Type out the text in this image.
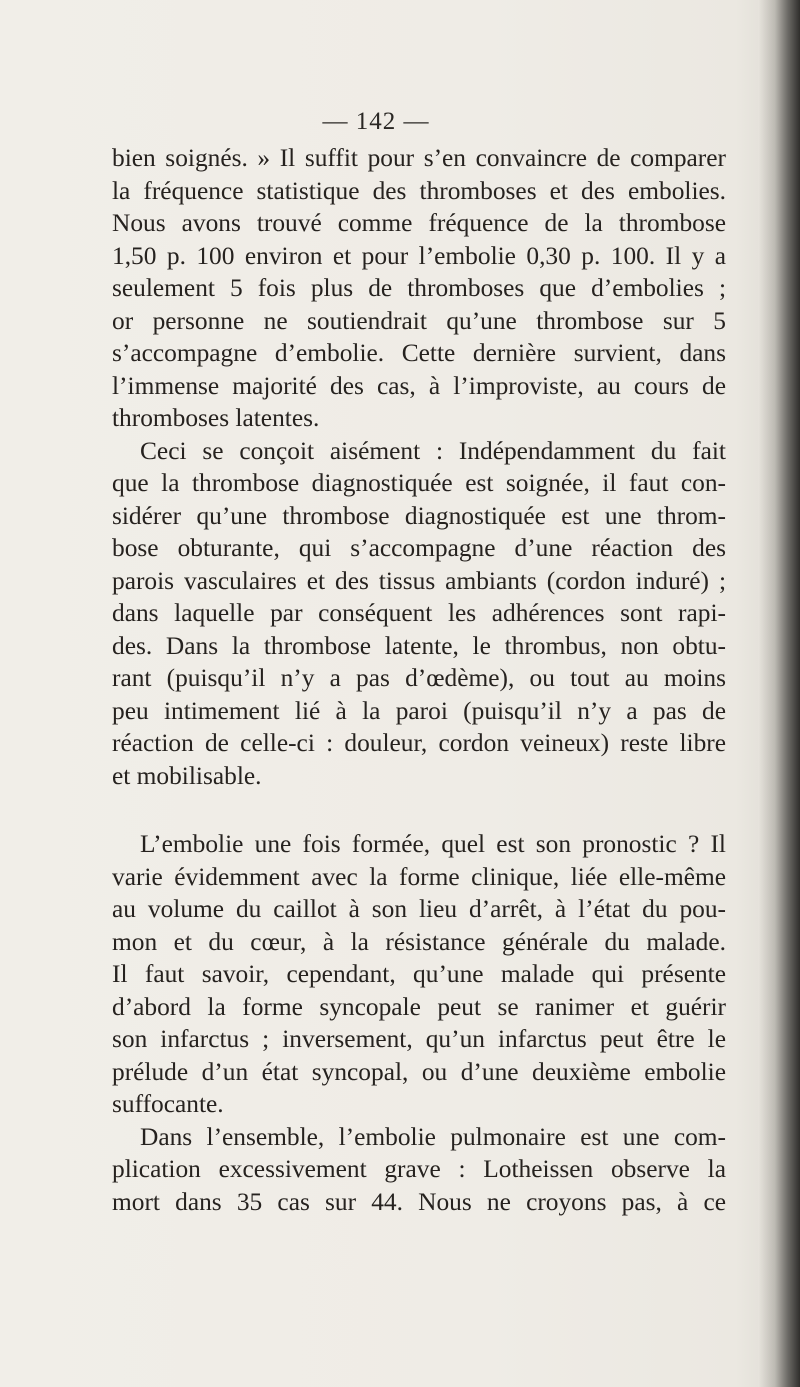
— 142 —
bien soignés. » Il suffit pour s’en convaincre de comparer
la fréquence statistique des thromboses et des embolies.
Nous avons trouvé comme fréquence de la thrombose
1,50 p. 100 environ et pour l’embolie 0,30 p. 100. Il y a
seulement 5 fois plus de thromboses que d’embolies ;
or personne ne soutiendrait qu’une thrombose sur 5
s’accompagne d’embolie. Cette dernière survient, dans
l’immense majorité des cas, à l’improviste, au cours de
thromboses latentes.
Ceci se conçoit aisément : Indépendamment du fait
que la thrombose diagnostiquée est soignée, il faut con-
sidérer qu’une thrombose diagnostiquée est une throm-
bose obturante, qui s’accompagne d’une réaction des
parois vasculaires et des tissus ambiants (cordon induré) ;
dans laquelle par conséquent les adhérences sont rapi-
des. Dans la thrombose latente, le thrombus, non obtu-
rant (puisqu’il n’y a pas d’œdème), ou tout au moins
peu intimement lié à la paroi (puisqu’il n’y a pas de
réaction de celle-ci : douleur, cordon veineux) reste libre
et mobilisable.
L’embolie une fois formée, quel est son pronostic ? Il
varie évidemment avec la forme clinique, liée elle-même
au volume du caillot à son lieu d’arrêt, à l’état du pou-
mon et du cœur, à la résistance générale du malade.
Il faut savoir, cependant, qu’une malade qui présente
d’abord la forme syncopale peut se ranimer et guérir
son infarctus ; inversement, qu’un infarctus peut être le
prélude d’un état syncopal, ou d’une deuxième embolie
suffocante.
Dans l’ensemble, l’embolie pulmonaire est une com-
plication excessivement grave : Lotheissen observe la
mort dans 35 cas sur 44. Nous ne croyons pas, à ce
